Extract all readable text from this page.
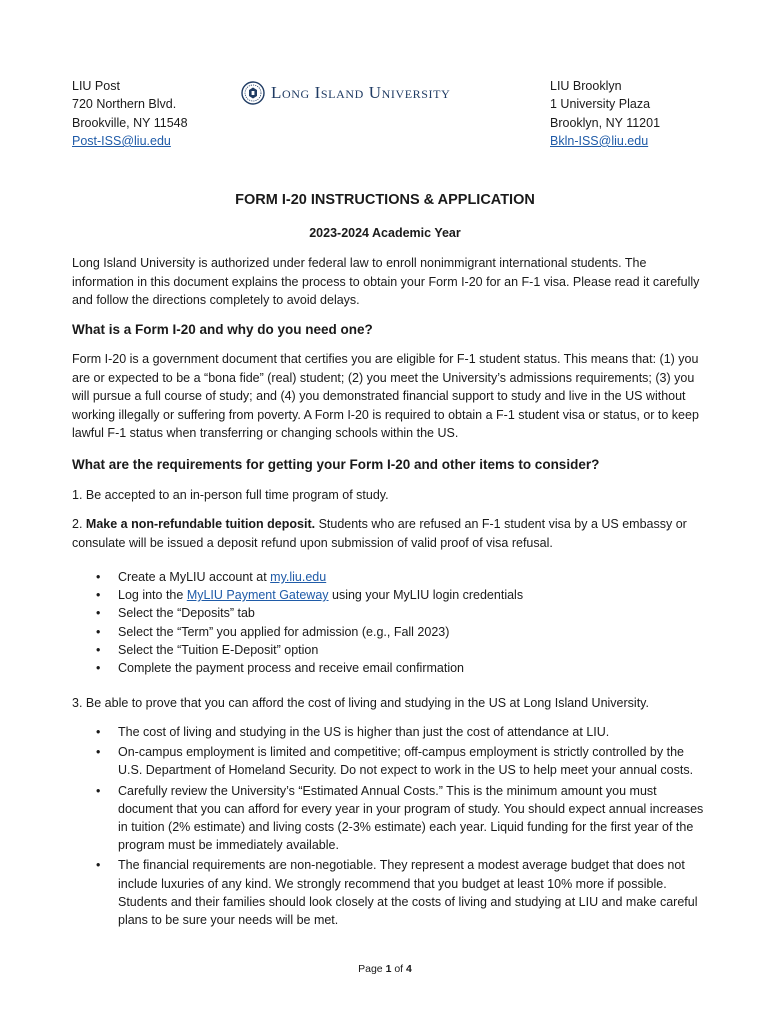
LIU Post
720 Northern Blvd.
Brookville, NY 11548
Post-ISS@liu.edu
Long Island University	LIU Brooklyn
1 University Plaza
Brooklyn, NY 11201
Bkln-ISS@liu.edu
FORM I-20 INSTRUCTIONS & APPLICATION
2023-2024 Academic Year
Long Island University is authorized under federal law to enroll nonimmigrant international students. The information in this document explains the process to obtain your Form I-20 for an F-1 visa. Please read it carefully and follow the directions completely to avoid delays.
What is a Form I-20 and why do you need one?
Form I-20 is a government document that certifies you are eligible for F-1 student status. This means that: (1) you are or expected to be a “bona fide” (real) student; (2) you meet the University’s admissions requirements; (3) you will pursue a full course of study; and (4) you demonstrated financial support to study and live in the US without working illegally or suffering from poverty. A Form I-20 is required to obtain a F-1 student visa or status, or to keep lawful F-1 status when transferring or changing schools within the US.
What are the requirements for getting your Form I-20 and other items to consider?
1. Be accepted to an in-person full time program of study.
2. Make a non-refundable tuition deposit. Students who are refused an F-1 student visa by a US embassy or consulate will be issued a deposit refund upon submission of valid proof of visa refusal.
• Create a MyLIU account at my.liu.edu
• Log into the MyLIU Payment Gateway using your MyLIU login credentials
• Select the “Deposits” tab
• Select the “Term” you applied for admission (e.g., Fall 2023)
• Select the “Tuition E-Deposit” option
• Complete the payment process and receive email confirmation
3. Be able to prove that you can afford the cost of living and studying in the US at Long Island University.
• The cost of living and studying in the US is higher than just the cost of attendance at LIU.
• On-campus employment is limited and competitive; off-campus employment is strictly controlled by the U.S. Department of Homeland Security. Do not expect to work in the US to help meet your annual costs.
• Carefully review the University’s “Estimated Annual Costs.” This is the minimum amount you must document that you can afford for every year in your program of study. You should expect annual increases in tuition (2% estimate) and living costs (2-3% estimate) each year. Liquid funding for the first year of the program must be immediately available.
• The financial requirements are non-negotiable. They represent a modest average budget that does not include luxuries of any kind. We strongly recommend that you budget at least 10% more if possible. Students and their families should look closely at the costs of living and studying at LIU and make careful plans to be sure your needs will be met.
Page 1 of 4
